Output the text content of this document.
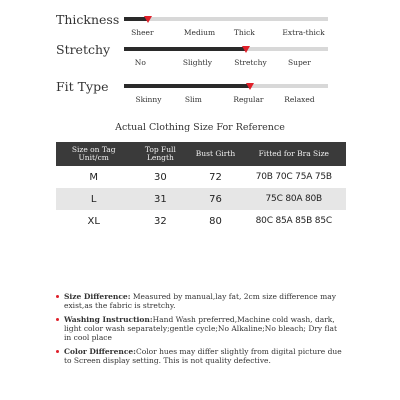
Thickness
Sheer	Medium	Thick	Extra-thick
Stretchy
No	Slightly	Stretchy	Super
Fit Type
Skinny	Slim	Regular	Relaxed
Actual Clothing Size For Reference
Size on Tag Unit/cm	Top Full Length	Bust Girth	Fitted for Bra Size
M	30	72	70B 70C 75A 75B
L	31	76	75C 80A 80B
XL	32	80	80C 85A 85B 85C
Size Difference: Measured by manual,lay fat, 2cm size difference may exist,as the fabric is stretchy.
Washing Instruction:Hand Wash preferred,Machine cold wash, dark, light color wash separately;gentle cycle;No Alkaline;No bleach; Dry flat in cool place
Color Difference:Color hues may differ slightly from digital picture due to Screen display setting. This is not quality defective.
